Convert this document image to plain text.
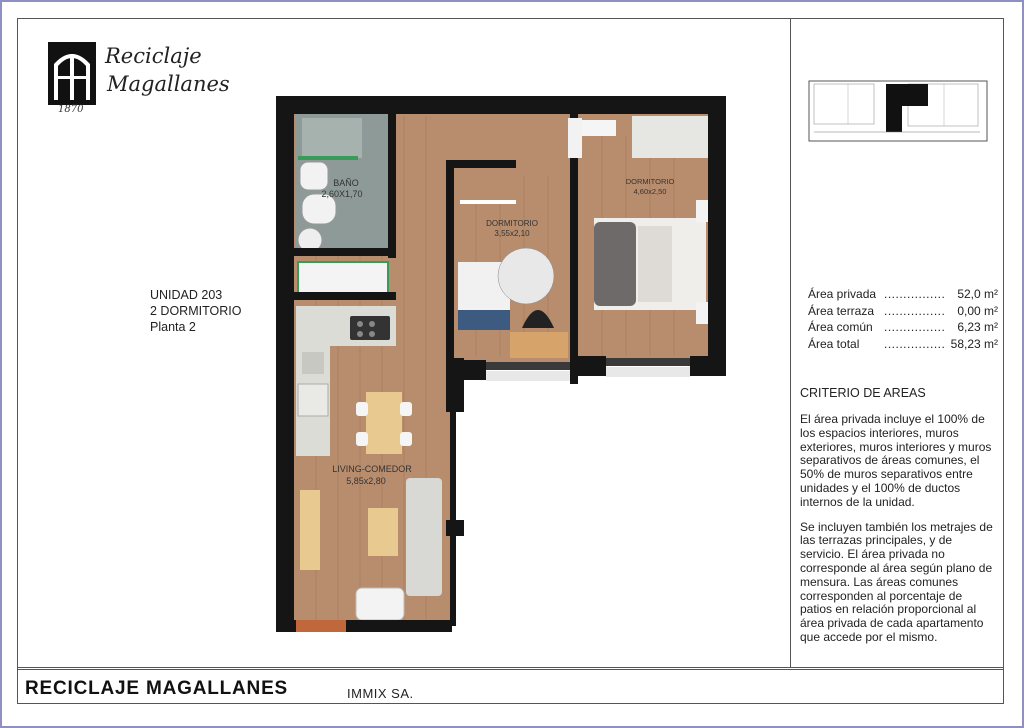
Reciclaje
Magallanes
1870
UNIDAD 203
2 DORMITORIO
Planta 2
BAÑO
2,60X1,70
DORMITORIO
3,55x2,10
DORMITORIO
4,60x2,50
LIVING-COMEDOR
5,85x2,80
Área privada ................ 52,0 m²
Área terraza ................ 0,00 m²
Área común ................ 6,23 m²
Área total ................ 58,23 m²
CRITERIO DE AREAS

El área privada incluye el 100% de los espacios interiores, muros exteriores, muros interiores y muros separativos de áreas comunes, el 50% de muros separativos entre unidades y el 100% de ductos internos de la unidad.

Se incluyen también los metrajes de las terrazas principales, y de servicio. El área privada no corresponde al área según plano de mensura. Las áreas comunes corresponden al porcentaje de patios en relación proporcional al área privada de cada apartamento que accede por el mismo.

RECICLAJE MAGALLANES	IMMIX SA.
